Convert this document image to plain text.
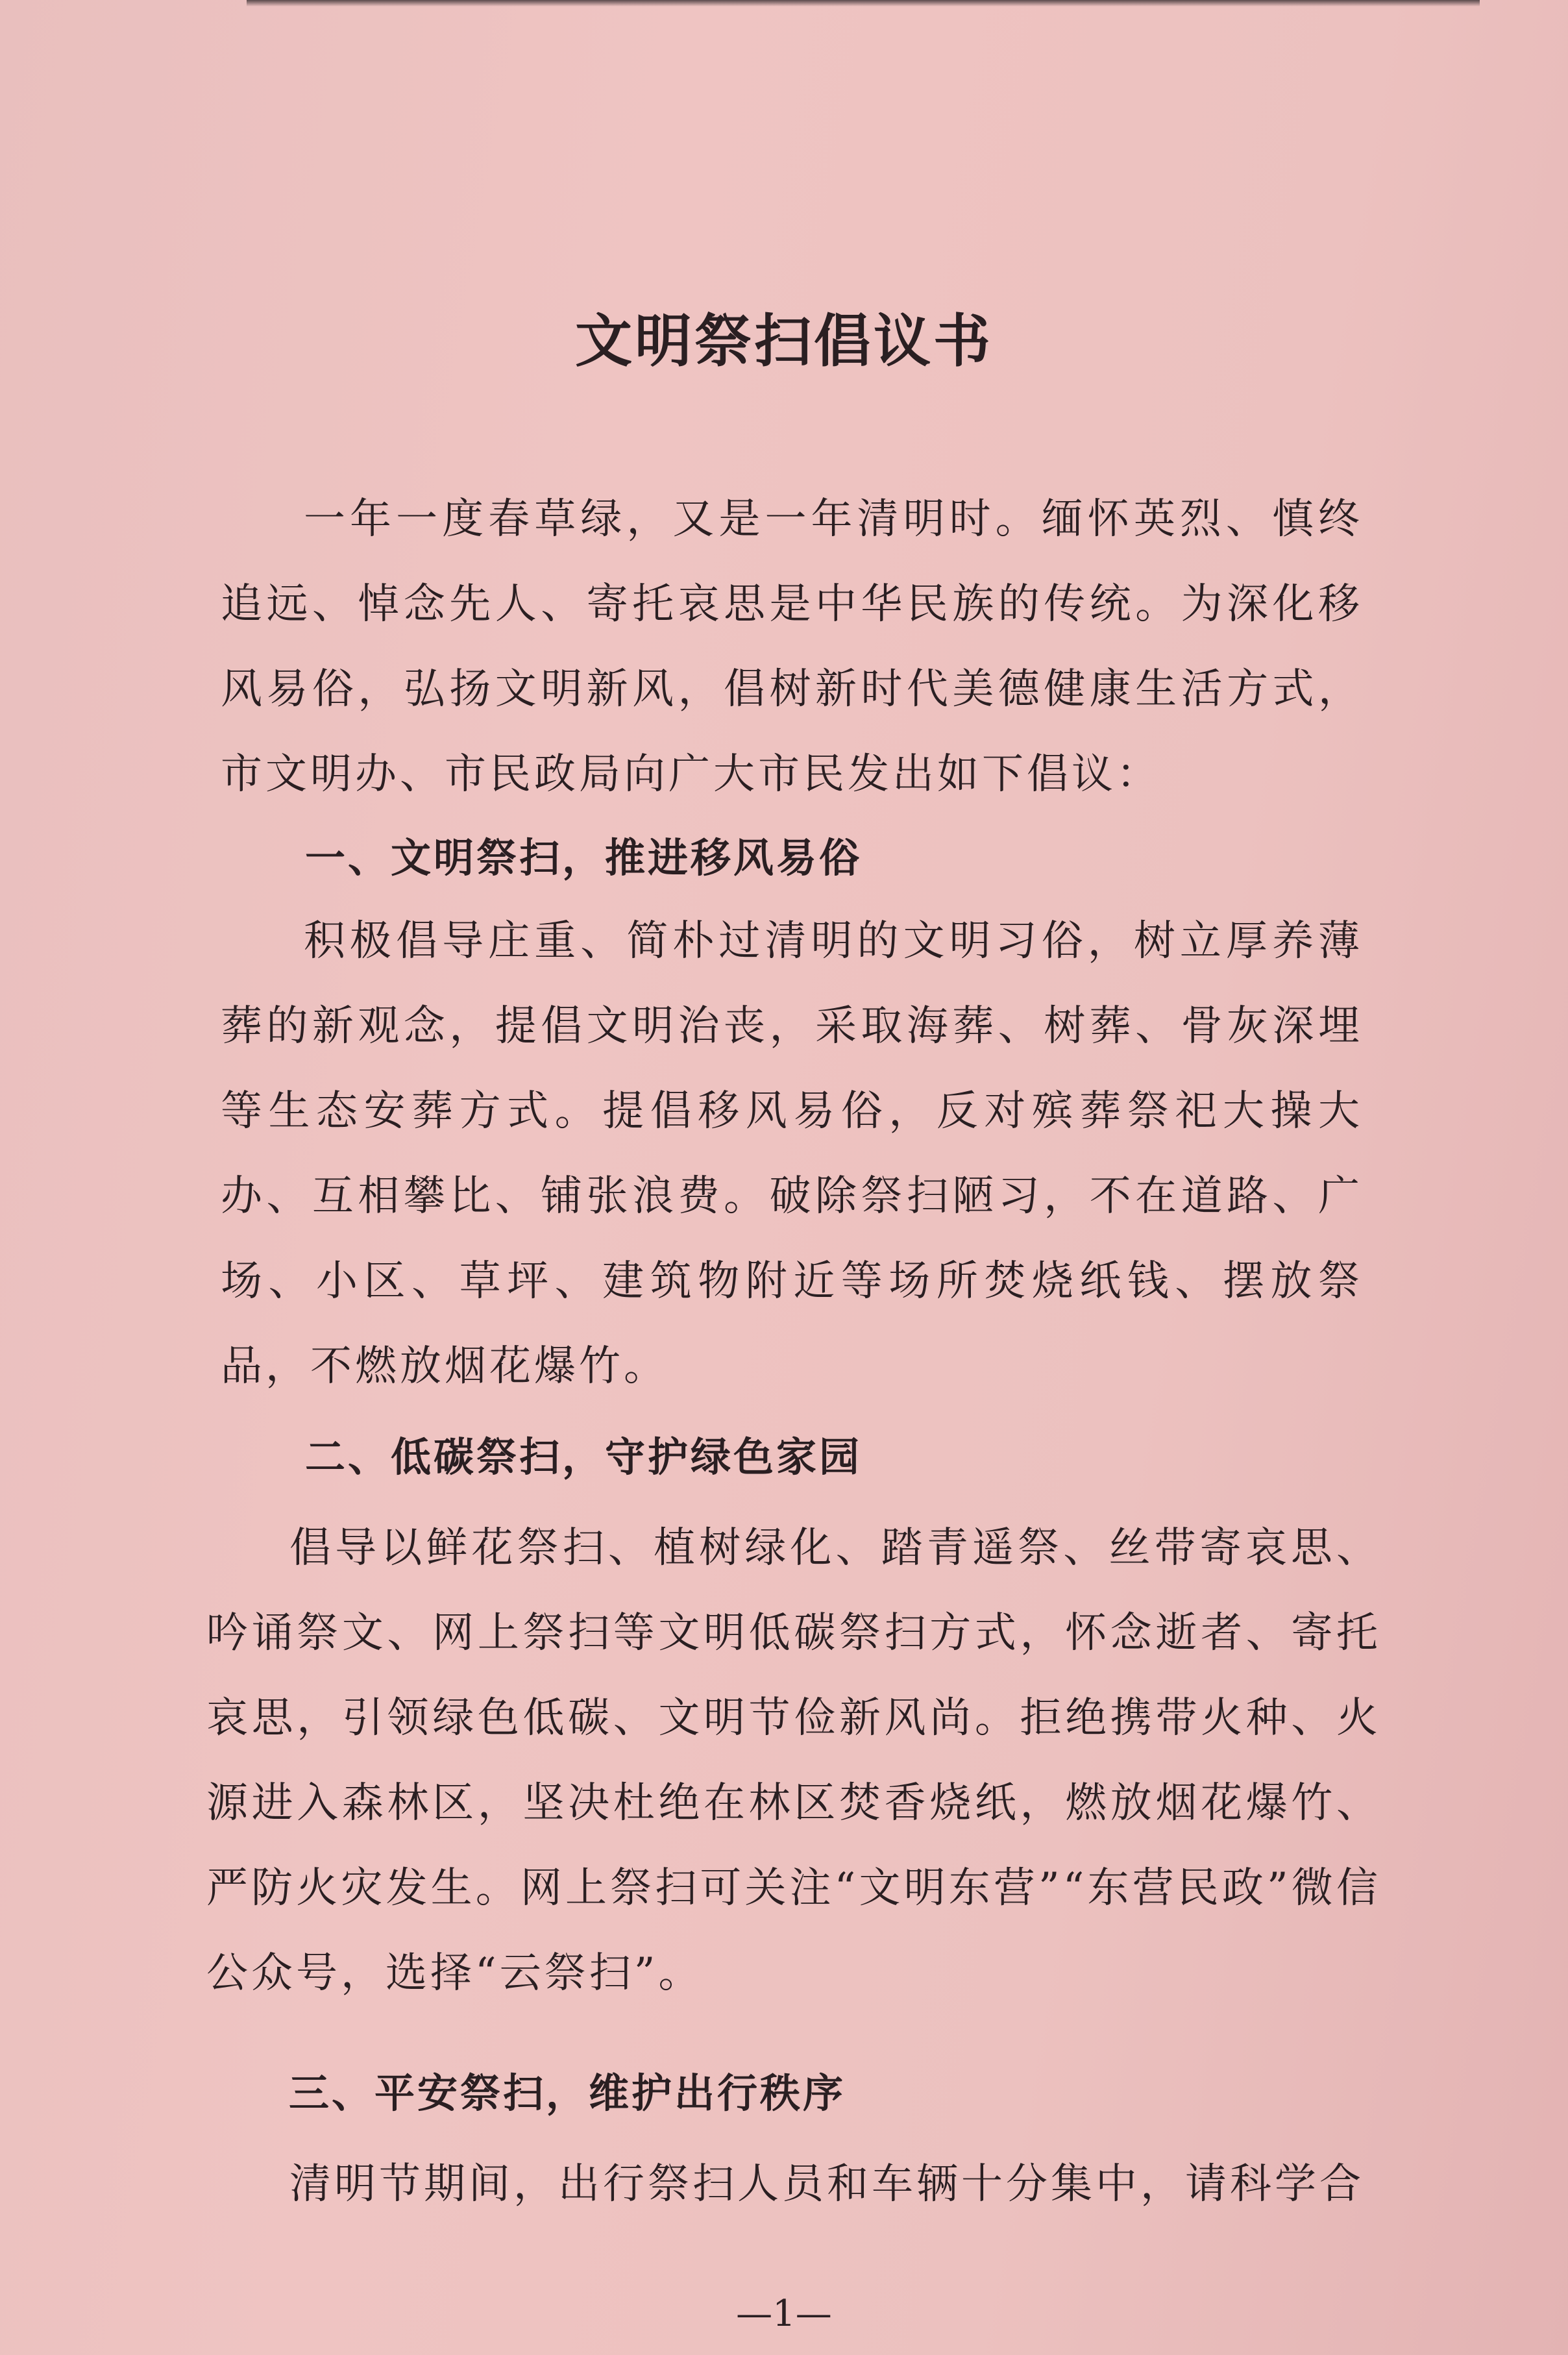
文明祭扫倡议书

一年一度春草绿，又是一年清明时。缅怀英烈、慎终追远、悼念先人、寄托哀思是中华民族的传统。为深化移风易俗，弘扬文明新风，倡树新时代美德健康生活方式，市文明办、市民政局向广大市民发出如下倡议：

一、文明祭扫，推进移风易俗

积极倡导庄重、简朴过清明的文明习俗，树立厚养薄葬的新观念，提倡文明治丧，采取海葬、树葬、骨灰深埋等生态安葬方式。提倡移风易俗，反对殡葬祭祀大操大办、互相攀比、铺张浪费。破除祭扫陋习，不在道路、广场、小区、草坪、建筑物附近等场所焚烧纸钱、摆放祭品，不燃放烟花爆竹。

二、低碳祭扫，守护绿色家园

倡导以鲜花祭扫、植树绿化、踏青遥祭、丝带寄哀思、吟诵祭文、网上祭扫等文明低碳祭扫方式，怀念逝者、寄托哀思，引领绿色低碳、文明节俭新风尚。拒绝携带火种、火源进入森林区，坚决杜绝在林区焚香烧纸，燃放烟花爆竹、严防火灾发生。网上祭扫可关注“文明东营”“东营民政”微信公众号，选择“云祭扫”。

三、平安祭扫，维护出行秩序

清明节期间，出行祭扫人员和车辆十分集中，请科学合

—1—
